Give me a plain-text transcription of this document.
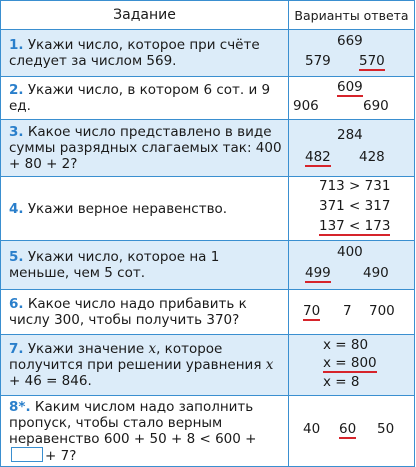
Задание	Варианты ответа
1. Укажи число, которое при счёте следует за числом 569.	669
579 570

2. Укажи число, в котором 6 сот. и 9 ед.	609
906 690

3. Какое число представлено в виде суммы разрядных слагаемых так: 400 + 80 + 2?	284
482 428

4. Укажи верное неравенство.	713 > 731
371 < 317
137 < 173

5. Укажи число, которое на 1 меньше, чем 5 сот.	400
499 490

6. Какое число надо прибавить к числу 300, чтобы получить 370?	70 7 700

7. Укажи значение x, которое получится при решении уравнения x + 46 = 846.	x = 80
x = 800
x = 8

8*. Каким числом надо заполнить пропуск, чтобы стало верным неравенство 600 + 50 + 8 < 600 ++ 7?	40 60 50
